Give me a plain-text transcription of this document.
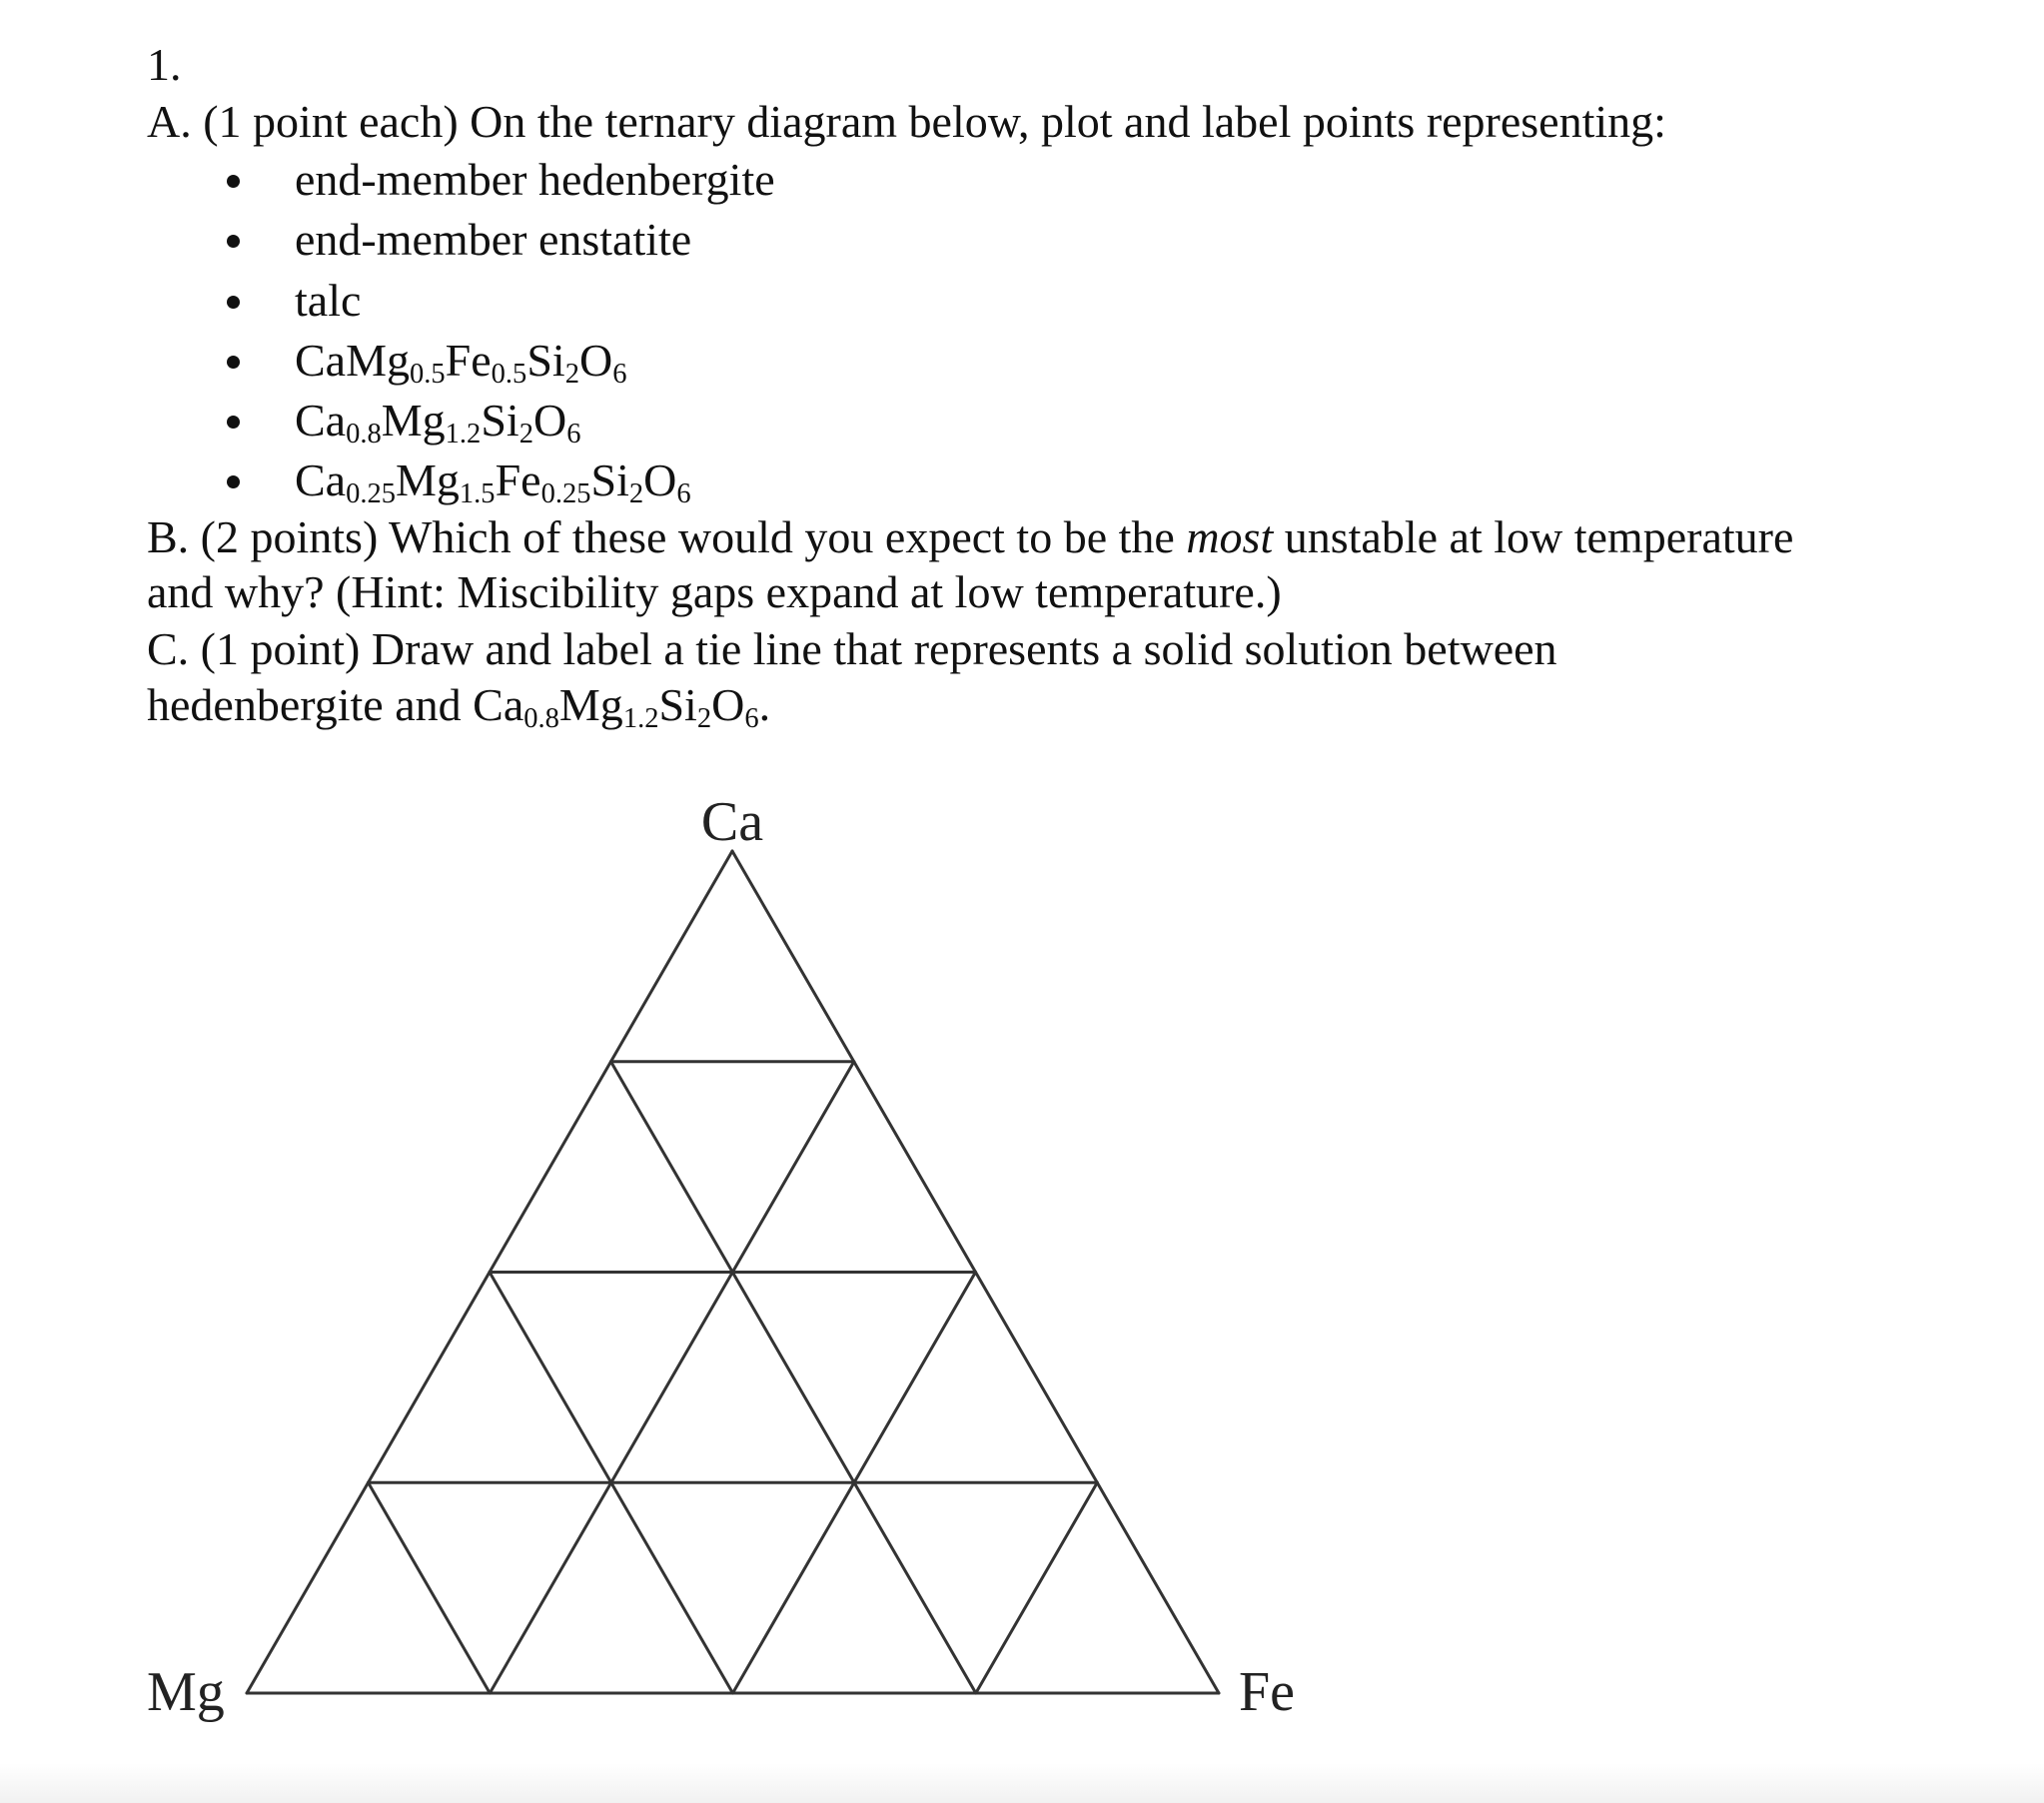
1.
A. (1 point each) On the ternary diagram below, plot and label points representing:
end-member hedenbergite
end-member enstatite
talc
$CaMg_{0.5}Fe_{0.5}Si_2O_6$
$Ca_{0.8}Mg_{1.2}Si_2O_6$
$Ca_{0.25}Mg_{1.5}Fe_{0.25}Si_2O_6$
B. (2 points) Which of these would you expect to be the most unstable at low temperature
and why? (Hint: Miscibility gaps expand at low temperature.)
C. (1 point) Draw and label a tie line that represents a solid solution between
hedenbergite and $Ca_{0.8}Mg_{1.2}Si_2O_6$.
Ca
Mg	Fe
